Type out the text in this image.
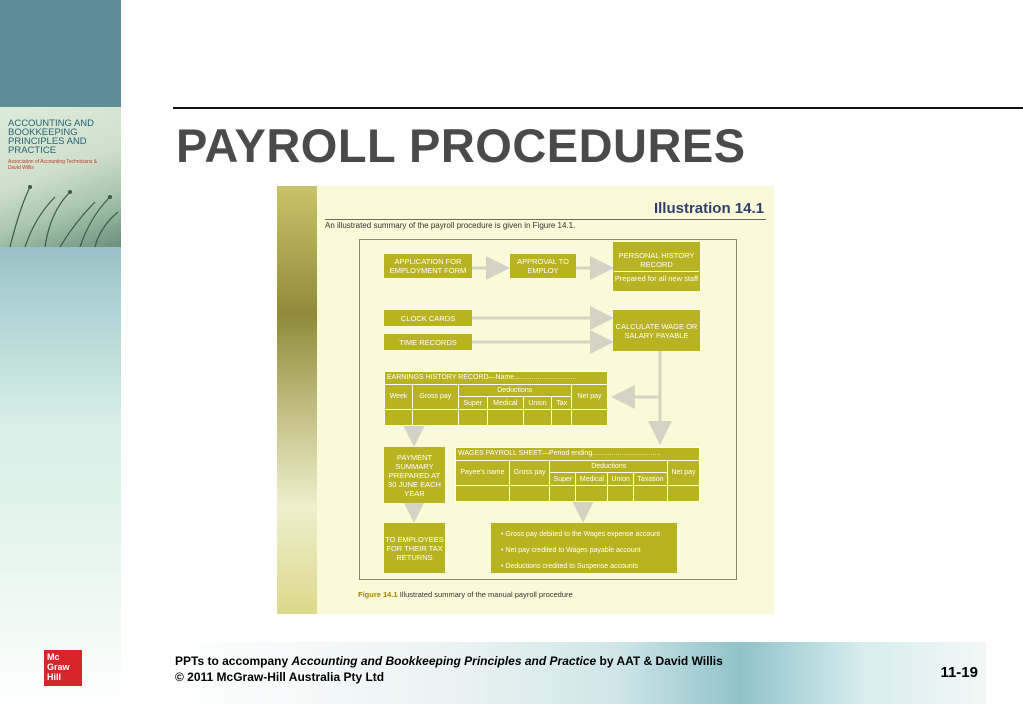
ACCOUNTING AND BOOKKEEPING PRINCIPLES AND PRACTICE
Association of Accounting Technicians & David Willis
Mc
Graw
Hill
PAYROLL PROCEDURES
Illustration 14.1
An illustrated summary of the payroll procedure is given in Figure 14.1.
APPLICATION FOR EMPLOYMENT FORM
APPROVAL TO EMPLOY
PERSONAL HISTORY RECORD
Prepared for all new staff
CLOCK CARDS
TIME RECORDS
CALCULATE WAGE OR SALARY PAYABLE
EARNINGS HISTORY RECORD—Name................................						
Week	Gross pay	Deductions				Net pay
		Super	Medical	Union	Tax	

PAYMENT SUMMARY PREPARED AT 30 JUNE EACH YEAR
WAGES PAYROLL SHEET—Period ending...................................						
Payee's name	Gross pay	Deductions				Net pay
		Super	Medical	Union	Taxation	

TO EMPLOYEES FOR THEIR TAX RETURNS
• Gross pay debited to the Wages expense account
• Net pay credited to Wages payable account
• Deductions credited to Suspense accounts
Figure 14.1 Illustrated summary of the manual payroll procedure
PPTs to accompany Accounting and Bookkeeping Principles and Practice by AAT & David Willis
© 2011 McGraw-Hill Australia Pty Ltd	11-19
